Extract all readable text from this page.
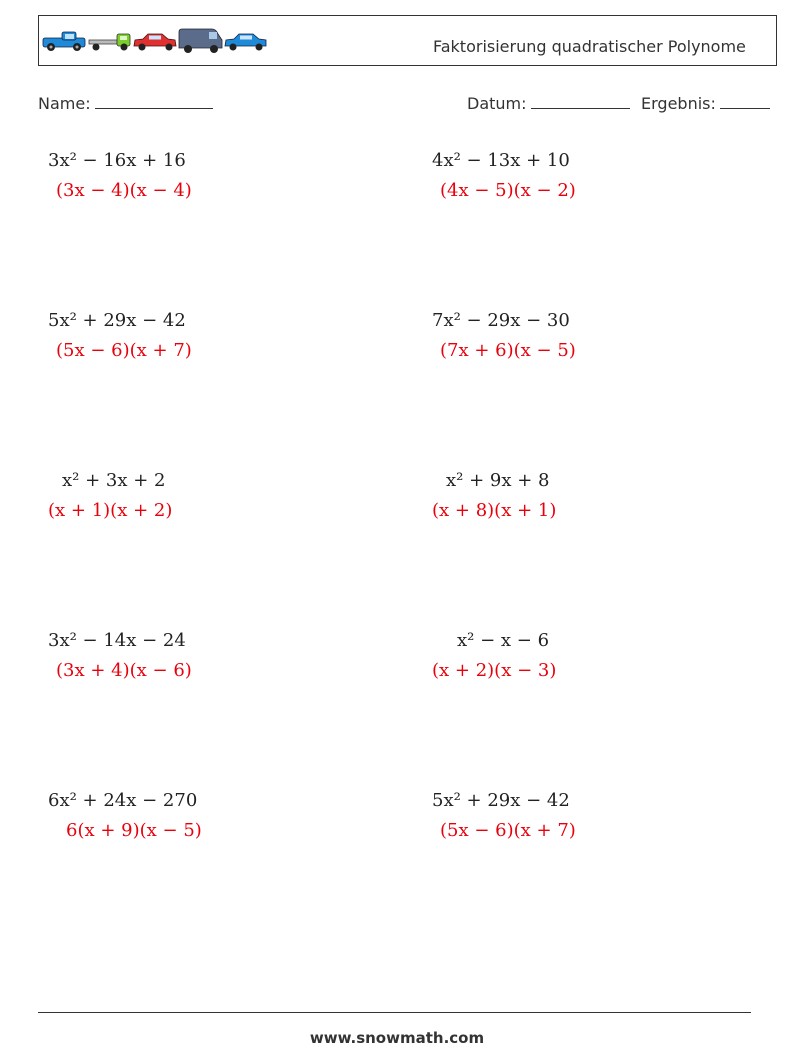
Faktorisierung quadratischer Polynome
Name:	Datum:	Ergebnis:
3x² − 16x + 16
(3x − 4)(x − 4)
4x² − 13x + 10
(4x − 5)(x − 2)
5x² + 29x − 42
(5x − 6)(x + 7)
7x² − 29x − 30
(7x + 6)(x − 5)
x² + 3x + 2
(x + 1)(x + 2)
x² + 9x + 8
(x + 8)(x + 1)
3x² − 14x − 24
(3x + 4)(x − 6)
x² − x − 6
(x + 2)(x − 3)
6x² + 24x − 270
6(x + 9)(x − 5)
5x² + 29x − 42
(5x − 6)(x + 7)
www.snowmath.com
